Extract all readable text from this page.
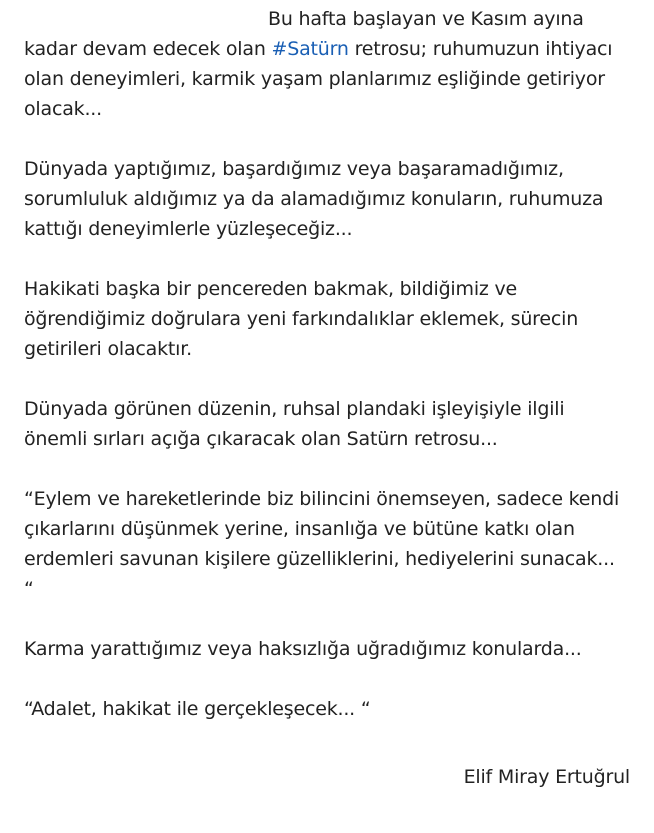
Bu hafta başlayan ve Kasım ayına kadar devam edecek olan #Satürn retrosu; ruhumuzun ihtiyacı olan deneyimleri, karmik yaşam planlarımız eşliğinde getiriyor olacak...

Dünyada yaptığımız, başardığımız veya başaramadığımız, sorumluluk aldığımız ya da alamadığımız konuların, ruhumuza kattığı deneyimlerle yüzleşeceğiz...

Hakikati başka bir pencereden bakmak, bildiğimiz ve öğrendiğimiz doğrulara yeni farkındalıklar eklemek, sürecin getirileri olacaktır.

Dünyada görünen düzenin, ruhsal plandaki işleyişiyle ilgili önemli sırları açığa çıkaracak olan Satürn retrosu...

“Eylem ve hareketlerinde biz bilincini önemseyen, sadece kendi çıkarlarını düşünmek yerine, insanlığa ve bütüne katkı olan erdemleri savunan kişilere güzelliklerini, hediyelerini sunacak... “

Karma yarattığımız veya haksızlığa uğradığımız konularda...

“Adalet, hakikat ile gerçekleşecek... “

Elif Miray Ertuğrul
